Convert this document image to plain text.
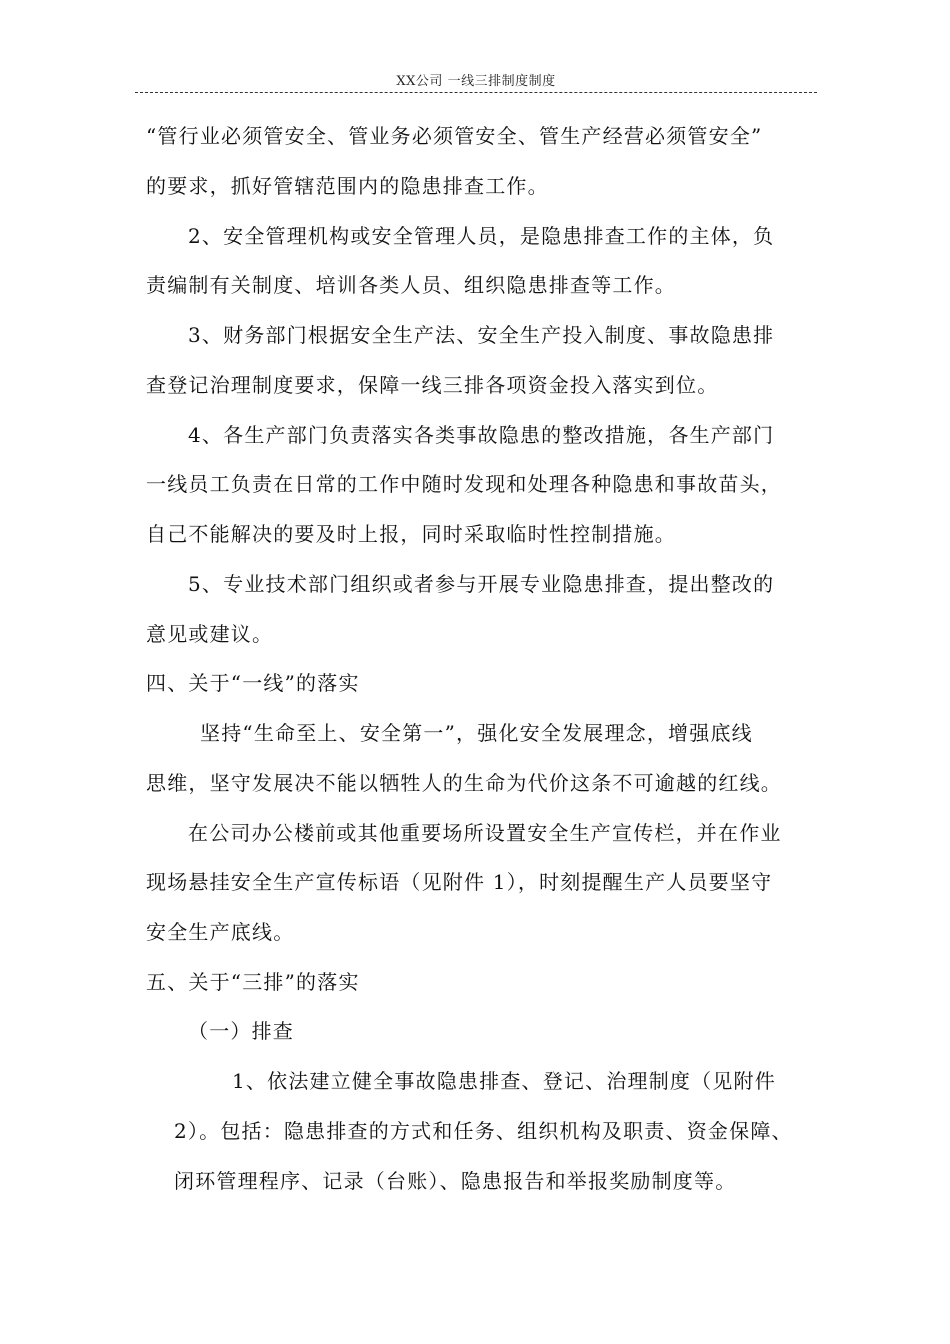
XX公司 一线三排制度制度
“管行业必须管安全、管业务必须管安全、管生产经营必须管安全”
的要求，抓好管辖范围内的隐患排查工作。
2、安全管理机构或安全管理人员，是隐患排查工作的主体，负
责编制有关制度、培训各类人员、组织隐患排查等工作。
3、财务部门根据安全生产法、安全生产投入制度、事故隐患排
查登记治理制度要求，保障一线三排各项资金投入落实到位。
4、各生产部门负责落实各类事故隐患的整改措施，各生产部门
一线员工负责在日常的工作中随时发现和处理各种隐患和事故苗头，
自己不能解决的要及时上报，同时采取临时性控制措施。
5、专业技术部门组织或者参与开展专业隐患排查，提出整改的
意见或建议。
四、关于“一线”的落实
坚持“生命至上、安全第一”，强化安全发展理念，增强底线
思维，坚守发展决不能以牺牲人的生命为代价这条不可逾越的红线。
在公司办公楼前或其他重要场所设置安全生产宣传栏，并在作业
现场悬挂安全生产宣传标语（见附件 1），时刻提醒生产人员要坚守
安全生产底线。
五、关于“三排”的落实
（一）排查
1、依法建立健全事故隐患排查、登记、治理制度（见附件
2）。包括：隐患排查的方式和任务、组织机构及职责、资金保障、
闭环管理程序、记录（台账）、隐患报告和举报奖励制度等。
